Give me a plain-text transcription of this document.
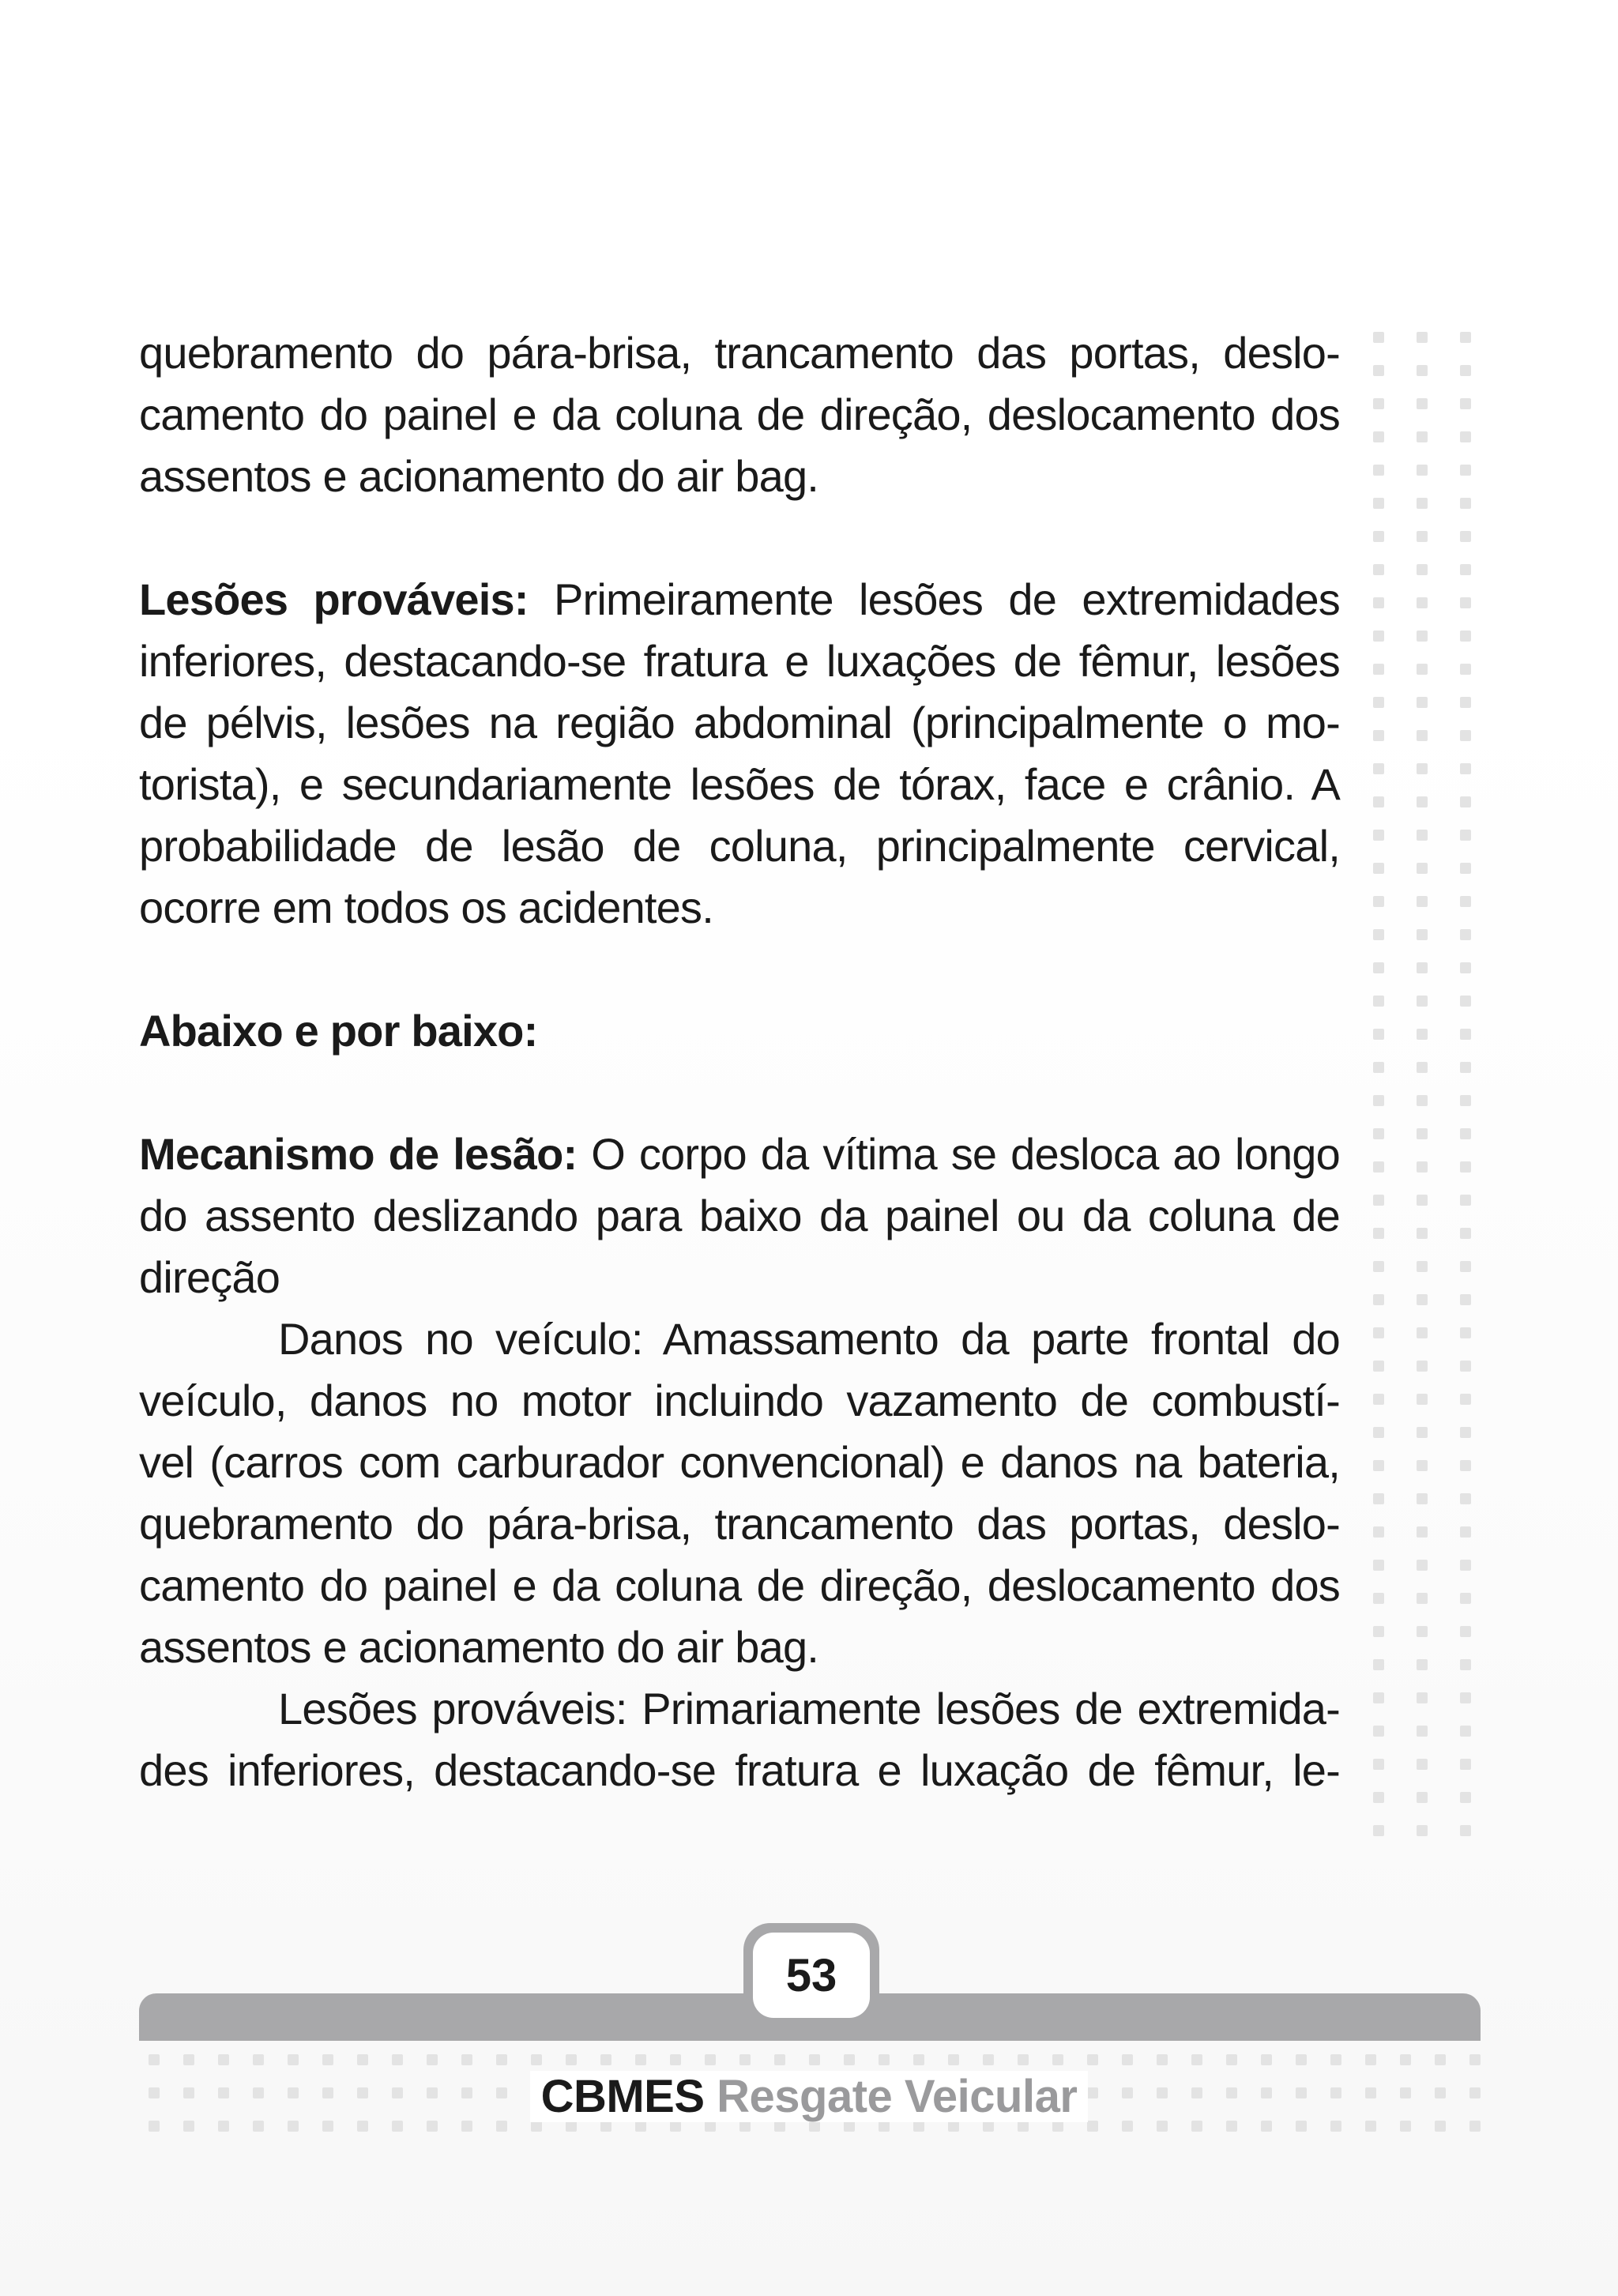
quebramento do pára-brisa, trancamento das portas, deslo-
camento do painel e da coluna de direção, deslocamento dos
assentos e acionamento do air bag.

Lesões prováveis: Primeiramente lesões de extremidades
inferiores, destacando-se fratura e luxações de fêmur, lesões
de pélvis, lesões na região abdominal (principalmente o mo-
torista), e secundariamente lesões de tórax, face e crânio. A
probabilidade de lesão de coluna, principalmente cervical,
ocorre em todos os acidentes.

Abaixo e por baixo:

Mecanismo de lesão: O corpo da vítima se desloca ao longo
do assento deslizando para baixo da painel ou da coluna de
direção

Danos no veículo: Amassamento da parte frontal do
veículo, danos no motor incluindo vazamento de combustí-
vel (carros com carburador convencional) e danos na bateria,
quebramento do pára-brisa, trancamento das portas, deslo-
camento do painel e da coluna de direção, deslocamento dos
assentos e acionamento do air bag.

Lesões prováveis: Primariamente lesões de extremida-
des inferiores, destacando-se fratura e luxação de fêmur, le-

53
CBMES Resgate Veicular
